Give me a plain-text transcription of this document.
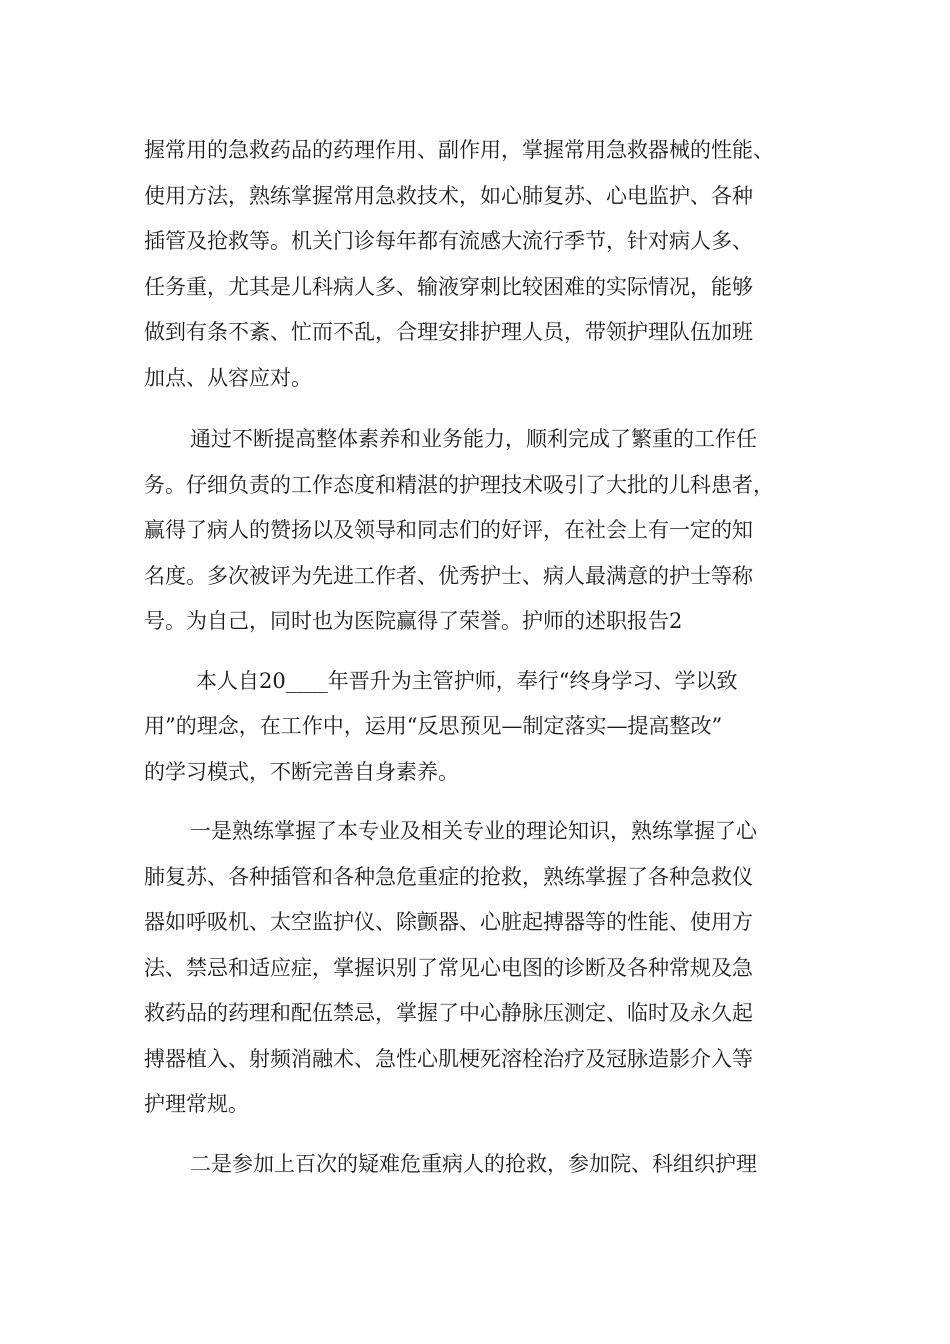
握常用的急救药品的药理作用、副作用，掌握常用急救器械的性能、
使用方法，熟练掌握常用急救技术，如心肺复苏、心电监护、各种
插管及抢救等。机关门诊每年都有流感大流行季节，针对病人多、
任务重，尤其是儿科病人多、输液穿刺比较困难的实际情况，能够
做到有条不紊、忙而不乱，合理安排护理人员，带领护理队伍加班
加点、从容应对。
通过不断提高整体素养和业务能力，顺利完成了繁重的工作任
务。仔细负责的工作态度和精湛的护理技术吸引了大批的儿科患者，
赢得了病人的赞扬以及领导和同志们的好评，在社会上有一定的知
名度。多次被评为先进工作者、优秀护士、病人最满意的护士等称
号。为自己，同时也为医院赢得了荣誉。护师的述职报告2
本人自20____年晋升为主管护师，奉行“终身学习、学以致
用”的理念，在工作中，运用“反思预见—制定落实—提高整改”
的学习模式，不断完善自身素养。
一是熟练掌握了本专业及相关专业的理论知识，熟练掌握了心
肺复苏、各种插管和各种急危重症的抢救，熟练掌握了各种急救仪
器如呼吸机、太空监护仪、除颤器、心脏起搏器等的性能、使用方
法、禁忌和适应症，掌握识别了常见心电图的诊断及各种常规及急
救药品的药理和配伍禁忌，掌握了中心静脉压测定、临时及永久起
搏器植入、射频消融术、急性心肌梗死溶栓治疗及冠脉造影介入等
护理常规。
二是参加上百次的疑难危重病人的抢救，参加院、科组织护理
